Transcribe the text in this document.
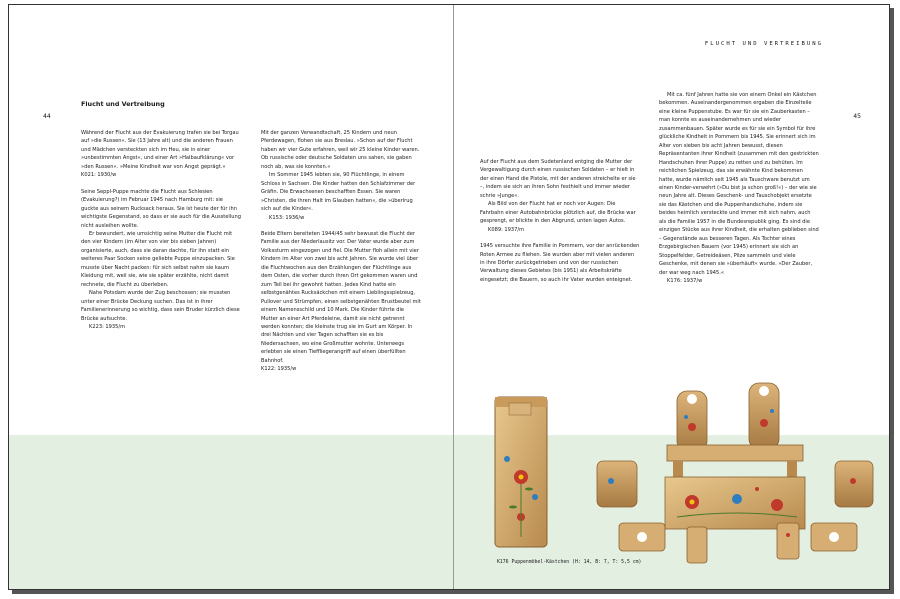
FLUCHT UND VERTREIBUNG
44	45
Flucht und Vertreibung

Während der Flucht aus der Evakuierung trafen sie bei Torgau auf »die Russen«. Sie (13 Jahre alt) und die anderen Frauen und Mädchen versteckten sich im Heu, sie in einer »unbestimmten Angst«, und einer Art »Halbaufklärung« vor »den Russen«. »Meine Kindheit war von Angst geprägt.«
K021: 1930/w

Seine Seppl-Puppe machte die Flucht aus Schlesien (Evakuierung?) im Februar 1945 nach Hamburg mit: sie guckte aus seinem Rucksack heraus. Sie ist heute der für ihn wichtigste Gegenstand, so dass er sie auch für die Ausstellung nicht ausleihen wollte.

Er bewundert, wie umsichtig seine Mutter die Flucht mit den vier Kindern (im Alter von vier bis sieben Jahren) organisierte, auch, dass sie daran dachte, für ihn statt ein weiteres Paar Socken seine geliebte Puppe einzupacken. Sie musste über Nacht packen: für sich selbst nahm sie kaum Kleidung mit, weil sie, wie sie später erzählte, nicht damit rechnete, die Flucht zu überleben.

Nahe Potsdam wurde der Zug beschossen; sie mussten unter einer Brücke Deckung suchen. Das ist in ihrer Familienerinnerung so wichtig, dass sein Bruder kürzlich diese Brücke aufsuchte.
K223: 1935/m

Mit der ganzen Verwandtschaft, 25 Kindern und neun Pferdewagen, flohen sie aus Breslau. »Schon auf der Flucht haben wir vier Gute erfahren, weil wir 25 kleine Kinder waren. Ob russische oder deutsche Soldaten uns sahen, sie gaben noch ab, was sie konnten.«

Im Sommer 1945 lebten sie, 90 Flüchtlinge, in einem Schloss in Sachsen. Die Kinder hatten den Schlafzimmer der Gräfin. Die Erwachsenen beschafften Essen. Sie waren »Christen, die ihren Halt im Glauben hatten«, die »überlrug sich auf die Kinder«.
K153: 1936/w

Beide Eltern bereiteten 1944/45 sehr bewusst die Flucht der Familie aus der Niederlausitz vor. Der Vater wurde aber zum Volkssturm eingezogen und fiel. Die Mutter floh allein mit vier Kindern im Alter von zwei bis acht Jahren. Sie wurde viel über die Fluchtwochen aus den Erzählungen der Flüchtlinge aus dem Osten, die vorher durch ihren Ort gekommen waren und zum Teil bei ihr gewohnt hatten. Jedes Kind hatte ein selbstgenähtes Rucksäckchen mit einem Lieblingsspielzeug, Pullover und Strümpfen, einen selbstgenähten Brustbeutel mit einem Namensschild und 10 Mark. Die Kinder führte die Mutter an einer Art Pferdeleine, damit sie nicht getrennt werden konnten; die kleinste trug sie im Gurt am Körper. In drei Nächten und vier Tagen schafften sie es bis Niedersachsen, wo eine Großmutter wohnte. Unterwegs erlebten sie einen Tieffliegerangriff auf einen überfüllten Bahnhof.
K122: 1935/w

Auf der Flucht aus dem Sudetenland entging die Mutter der Vergewaltigung durch einen russischen Soldaten – er hielt in der einen Hand die Pistole, mit der anderen streichelte er sie –, indem sie sich an ihren Sohn festhielt und immer wieder schrie »Junge«.

Als Bild von der Flucht hat er noch vor Augen: Die Fahrbahn einer Autobahnbrücke plötzlich auf, die Brücke war gesprengt, er blickte in den Abgrund, unten lagen Autos.
K089: 1937/m

1945 versuchte ihre Familie in Pommern, vor der anrückenden Roten Armee zu fliehen. Sie wurden aber mit vielen anderen in ihre Dörfer zurückgetrieben und von der russischen Verwaltung dieses Gebietes (bis 1951) als Arbeitskräfte eingesetzt; die Bauern, so auch ihr Vater wurden enteignet.

Mit ca. fünf Jahren hatte sie von einem Onkel ein Kästchen bekommen. Auseinandergenommen ergaben die Einzelteile eine kleine Puppenstube. Es war für sie ein Zauberkasten – man konnte es auseinandernehmen und wieder zusammenbauen. Später wurde es für sie ein Symbol für ihre glückliche Kindheit in Pommern bis 1945. Sie erinnert sich im Alter von sieben bis acht Jahren bewusst, diesen Repräsentanten ihrer Kindheit (zusammen mit den gestrickten Handschuhen ihrer Puppe) zu retten und zu behüten. Im reichlichen Spielzeug, das sie erwähnte Kind bekommen hatte, wurde nämlich seit 1945 als Tauschware benutzt um einen Kinder-verwehrt (»Du bist ja schon groß!«) – der wie sie neun Jahre alt. Dieses Geschenk- und Tauschobjekt ersetzte sie das Kästchen und die Puppenhandschuhe, indem sie beides heimlich versteckte und immer mit sich nahm, auch als die Familie 1957 in die Bundesrepublik ging. Es sind die einzigen Stücke aus ihrer Kindheit, die erhalten geblieben sind – Gegenstände aus besseren Tagen. Als Tochter eines Erzgebirgischen Bauern (vor 1945) erinnert sie sich an Stoppelfelder, Getreideäsen, Pilze sammeln und viele Geschenke, mit denen sie »überhäuft« wurde. »Der Zauber, der war weg nach 1945.«
K176: 1937/w

K176 Puppenmöbel-Kästchen (H: 14, B: 7, T: 5,5 cm)
